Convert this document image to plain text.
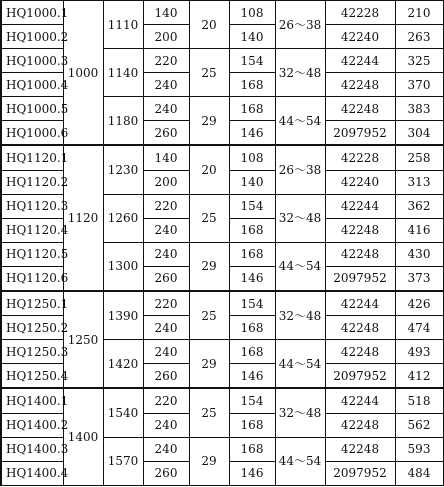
HQ1000.1	1000	1110	140	20	108	26～38	42228	210
HQ1000.2			200		140		42240	263
HQ1000.3		1140	220	25	154	32～48	42244	325
HQ1000.4			240		168		42248	370
HQ1000.5		1180	240	29	168	44～54	42248	383
HQ1000.6			260		146		2097952	304
HQ1120.1	1120	1230	140	20	108	26～38	42228	258
HQ1120.2			200		140		42240	313
HQ1120.3		1260	220	25	154	32～48	42244	362
HQ1120.4			240		168		42248	416
HQ1120.5		1300	240	29	168	44～54	42248	430
HQ1120.6			260		146		2097952	373
HQ1250.1	1250	1390	220	25	154	32～48	42244	426
HQ1250.2			240		168		42248	474
HQ1250.3		1420	240	29	168	44～54	42248	493
HQ1250.4			260		146		2097952	412
HQ1400.1	1400	1540	220	25	154	32～48	42244	518
HQ1400.2			240		168		42248	562
HQ1400.3		1570	240	29	168	44～54	42248	593
HQ1400.4			260		146		2097952	484
